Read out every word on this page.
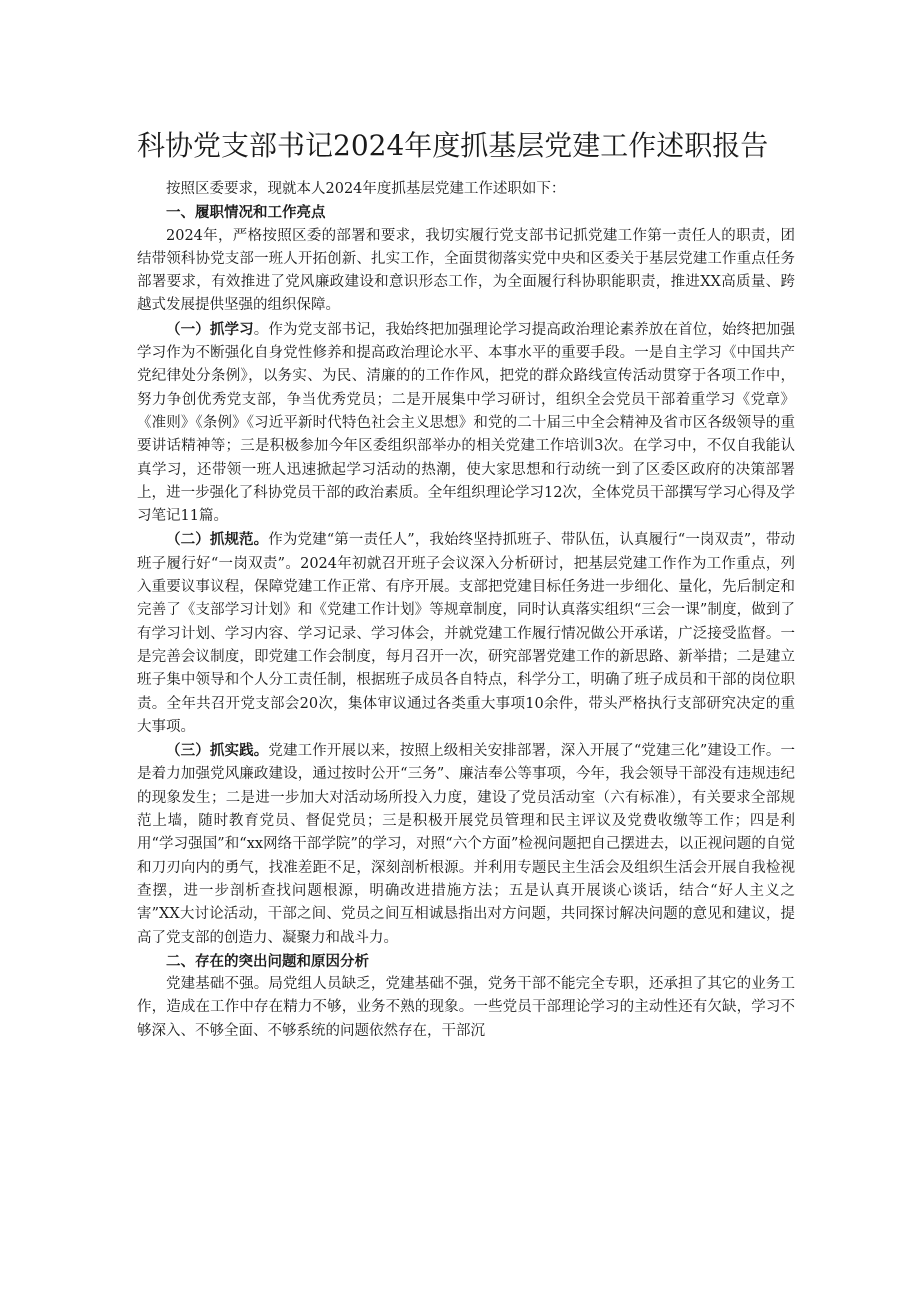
科协党支部书记2024年度抓基层党建工作述职报告

按照区委要求，现就本人2024年度抓基层党建工作述职如下：

一、履职情况和工作亮点

2024年，严格按照区委的部署和要求，我切实履行党支部书记抓党建工作第一责任人的职责，团结带领科协党支部一班人开拓创新、扎实工作，全面贯彻落实党中央和区委关于基层党建工作重点任务部署要求，有效推进了党风廉政建设和意识形态工作，为全面履行科协职能职责，推进XX高质量、跨越式发展提供坚强的组织保障。

（一）抓学习。作为党支部书记，我始终把加强理论学习提高政治理论素养放在首位，始终把加强学习作为不断强化自身党性修养和提高政治理论水平、本事水平的重要手段。一是自主学习《中国共产党纪律处分条例》，以务实、为民、清廉的的工作作风，把党的群众路线宣传活动贯穿于各项工作中，努力争创优秀党支部，争当优秀党员；二是开展集中学习研讨，组织全会党员干部着重学习《党章》《准则》《条例》《习近平新时代特色社会主义思想》和党的二十届三中全会精神及省市区各级领导的重要讲话精神等；三是积极参加今年区委组织部举办的相关党建工作培训3次。在学习中，不仅自我能认真学习，还带领一班人迅速掀起学习活动的热潮，使大家思想和行动统一到了区委区政府的决策部署上，进一步强化了科协党员干部的政治素质。全年组织理论学习12次，全体党员干部撰写学习心得及学习笔记11篇。

（二）抓规范。作为党建“第一责任人”，我始终坚持抓班子、带队伍，认真履行“一岗双责”，带动班子履行好“一岗双责”。2024年初就召开班子会议深入分析研讨，把基层党建工作作为工作重点，列入重要议事议程，保障党建工作正常、有序开展。支部把党建目标任务进一步细化、量化，先后制定和完善了《支部学习计划》和《党建工作计划》等规章制度，同时认真落实组织“三会一课”制度，做到了有学习计划、学习内容、学习记录、学习体会，并就党建工作履行情况做公开承诺，广泛接受监督。一是完善会议制度，即党建工作会制度，每月召开一次，研究部署党建工作的新思路、新举措；二是建立班子集中领导和个人分工责任制，根据班子成员各自特点，科学分工，明确了班子成员和干部的岗位职责。全年共召开党支部会20次，集体审议通过各类重大事项10余件，带头严格执行支部研究决定的重大事项。

（三）抓实践。党建工作开展以来，按照上级相关安排部署，深入开展了“党建三化”建设工作。一是着力加强党风廉政建设，通过按时公开“三务”、廉洁奉公等事项，今年，我会领导干部没有违规违纪的现象发生；二是进一步加大对活动场所投入力度，建设了党员活动室（六有标准），有关要求全部规范上墙，随时教育党员、督促党员；三是积极开展党员管理和民主评议及党费收缴等工作；四是利用“学习强国”和“xx网络干部学院”的学习，对照“六个方面”检视问题把自己摆进去，以正视问题的自觉和刀刃向内的勇气，找准差距不足，深刻剖析根源。并利用专题民主生活会及组织生活会开展自我检视查摆，进一步剖析查找问题根源，明确改进措施方法；五是认真开展谈心谈话，结合“好人主义之害”XX大讨论活动，干部之间、党员之间互相诚恳指出对方问题，共同探讨解决问题的意见和建议，提高了党支部的创造力、凝聚力和战斗力。

二、存在的突出问题和原因分析

党建基础不强。局党组人员缺乏，党建基础不强，党务干部不能完全专职，还承担了其它的业务工作，造成在工作中存在精力不够，业务不熟的现象。一些党员干部理论学习的主动性还有欠缺，学习不够深入、不够全面、不够系统的问题依然存在，干部沉
